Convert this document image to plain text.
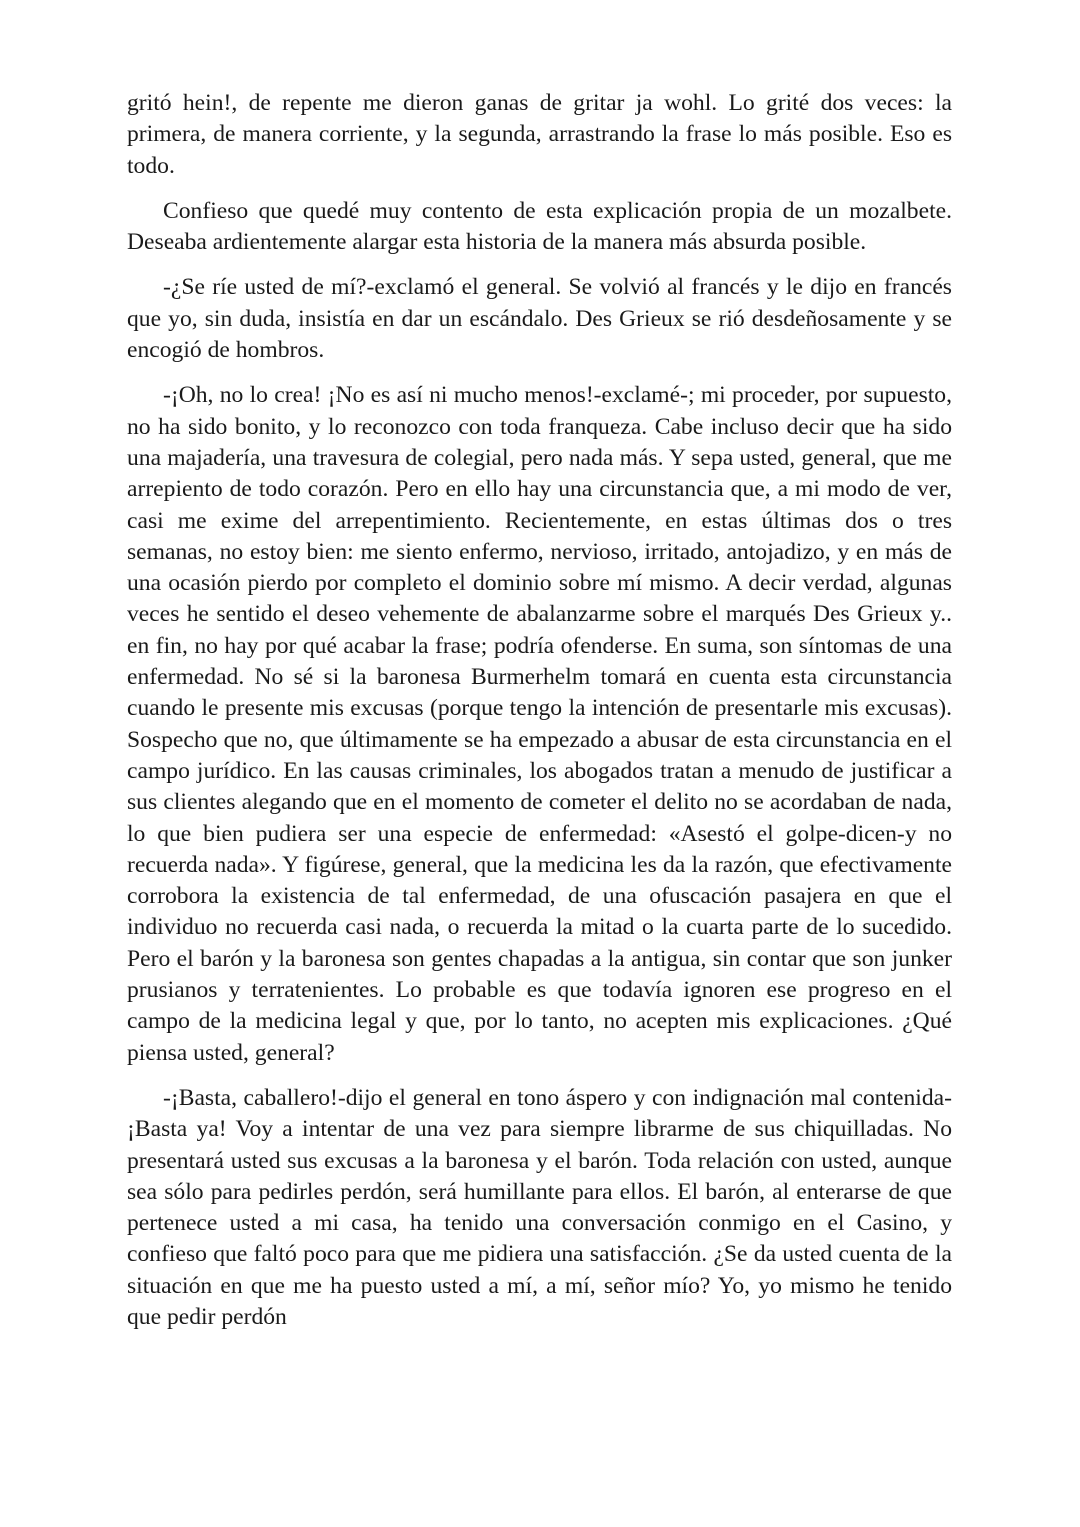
gritó hein!, de repente me dieron ganas de gritar ja wohl. Lo grité dos veces: la primera, de manera corriente, y la segunda, arrastrando la frase lo más posible. Eso es todo.

Confieso que quedé muy contento de esta explicación propia de un mozalbete. Deseaba ardientemente alargar esta historia de la manera más absurda posible.

-¿Se ríe usted de mí?-exclamó el general. Se volvió al francés y le dijo en francés que yo, sin duda, insistía en dar un escándalo. Des Grieux se rió desdeñosamente y se encogió de hombros.

-¡Oh, no lo crea! ¡No es así ni mucho menos!-exclamé-; mi proceder, por supuesto, no ha sido bonito, y lo reconozco con toda franqueza. Cabe incluso decir que ha sido una majadería, una travesura de colegial, pero nada más. Y sepa usted, general, que me arrepiento de todo corazón. Pero en ello hay una circunstancia que, a mi modo de ver, casi me exime del arrepentimiento. Recientemente, en estas últimas dos o tres semanas, no estoy bien: me siento enfermo, nervioso, irritado, antojadizo, y en más de una ocasión pierdo por completo el dominio sobre mí mismo. A decir verdad, algunas veces he sentido el deseo vehemente de abalanzarme sobre el marqués Des Grieux y.. en fin, no hay por qué acabar la frase; podría ofenderse. En suma, son síntomas de una enfermedad. No sé si la baronesa Burmerhelm tomará en cuenta esta circunstancia cuando le presente mis excusas (porque tengo la intención de presentarle mis excusas). Sospecho que no, que últimamente se ha empezado a abusar de esta circunstancia en el campo jurídico. En las causas criminales, los abogados tratan a menudo de justificar a sus clientes alegando que en el momento de cometer el delito no se acordaban de nada, lo que bien pudiera ser una especie de enfermedad: «Asestó el golpe-dicen-y no recuerda nada». Y figúrese, general, que la medicina les da la razón, que efectivamente corrobora la existencia de tal enfermedad, de una ofuscación pasajera en que el individuo no recuerda casi nada, o recuerda la mitad o la cuarta parte de lo sucedido. Pero el barón y la baronesa son gentes chapadas a la antigua, sin contar que son junker prusianos y terratenientes. Lo probable es que todavía ignoren ese progreso en el campo de la medicina legal y que, por lo tanto, no acepten mis explicaciones. ¿Qué piensa usted, general?

-¡Basta, caballero!-dijo el general en tono áspero y con indignación mal contenida- ¡Basta ya! Voy a intentar de una vez para siempre librarme de sus chiquilladas. No presentará usted sus excusas a la baronesa y el barón. Toda relación con usted, aunque sea sólo para pedirles perdón, será humillante para ellos. El barón, al enterarse de que pertenece usted a mi casa, ha tenido una conversación conmigo en el Casino, y confieso que faltó poco para que me pidiera una satisfacción. ¿Se da usted cuenta de la situación en que me ha puesto usted a mí, a mí, señor mío? Yo, yo mismo he tenido que pedir perdón
